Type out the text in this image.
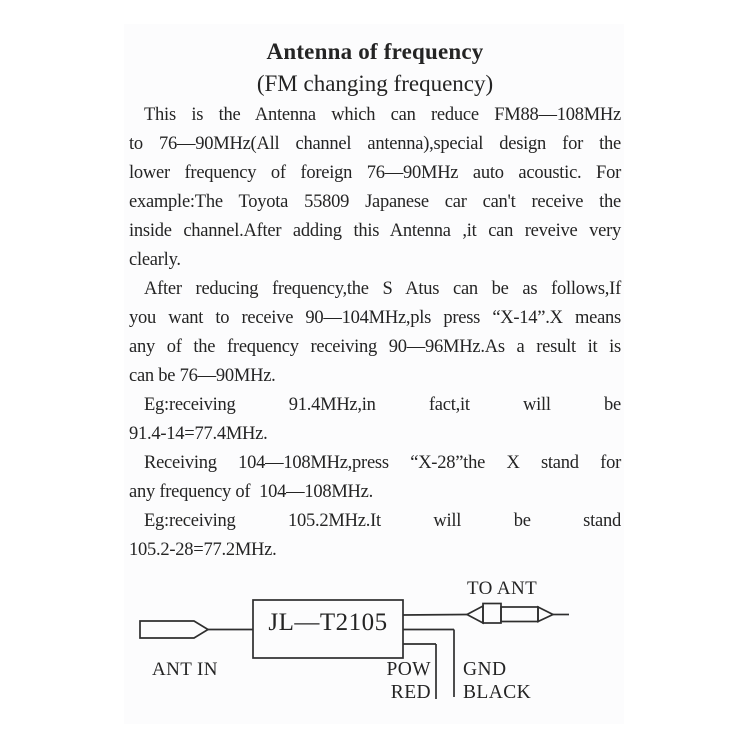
Antenna of frequency
(FM changing frequency)
This is the Antenna which can reduce FM88—108MHz
to 76—90MHz(All channel antenna),special design for the
lower frequency of foreign 76—90MHz auto acoustic. For
example:The Toyota 55809 Japanese car can't receive the
inside channel.After adding this Antenna ,it can reveive very
clearly.
After reducing frequency,the S Atus can be as follows,If
you want to receive 90—104MHz,pls press “X-14”.X means
any of the frequency receiving 90—96MHz.As a result it is
can be 76—90MHz.
Eg:receiving 91.4MHz,in fact,it will be
91.4-14=77.4MHz.
Receiving 104—108MHz,press “X-28”the X stand for
any frequency of  104—108MHz.
Eg:receiving 105.2MHz.It will be stand
105.2-28=77.2MHz.
JL—T2105
ANT IN
TO ANT
POW
RED
GND
BLACK
